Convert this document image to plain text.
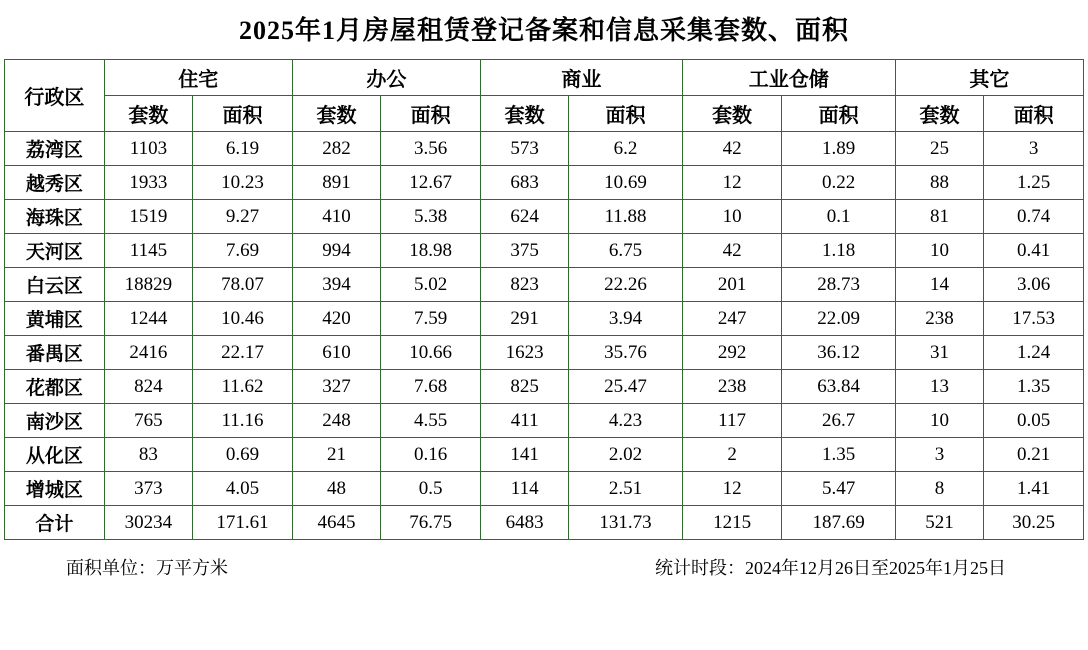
2025年1月房屋租赁登记备案和信息采集套数、面积
行政区	住宅		办公		商业		工业仓储		其它	
	套数	面积	套数	面积	套数	面积	套数	面积	套数	面积
荔湾区	1103	6.19	282	3.56	573	6.2	42	1.89	25	3
越秀区	1933	10.23	891	12.67	683	10.69	12	0.22	88	1.25
海珠区	1519	9.27	410	5.38	624	11.88	10	0.1	81	0.74
天河区	1145	7.69	994	18.98	375	6.75	42	1.18	10	0.41
白云区	18829	78.07	394	5.02	823	22.26	201	28.73	14	3.06
黄埔区	1244	10.46	420	7.59	291	3.94	247	22.09	238	17.53
番禺区	2416	22.17	610	10.66	1623	35.76	292	36.12	31	1.24
花都区	824	11.62	327	7.68	825	25.47	238	63.84	13	1.35
南沙区	765	11.16	248	4.55	411	4.23	117	26.7	10	0.05
从化区	83	0.69	21	0.16	141	2.02	2	1.35	3	0.21
增城区	373	4.05	48	0.5	114	2.51	12	5.47	8	1.41
合计	30234	171.61	4645	76.75	6483	131.73	1215	187.69	521	30.25
面积单位：万平方米	统计时段：2024年12月26日至2025年1月25日
